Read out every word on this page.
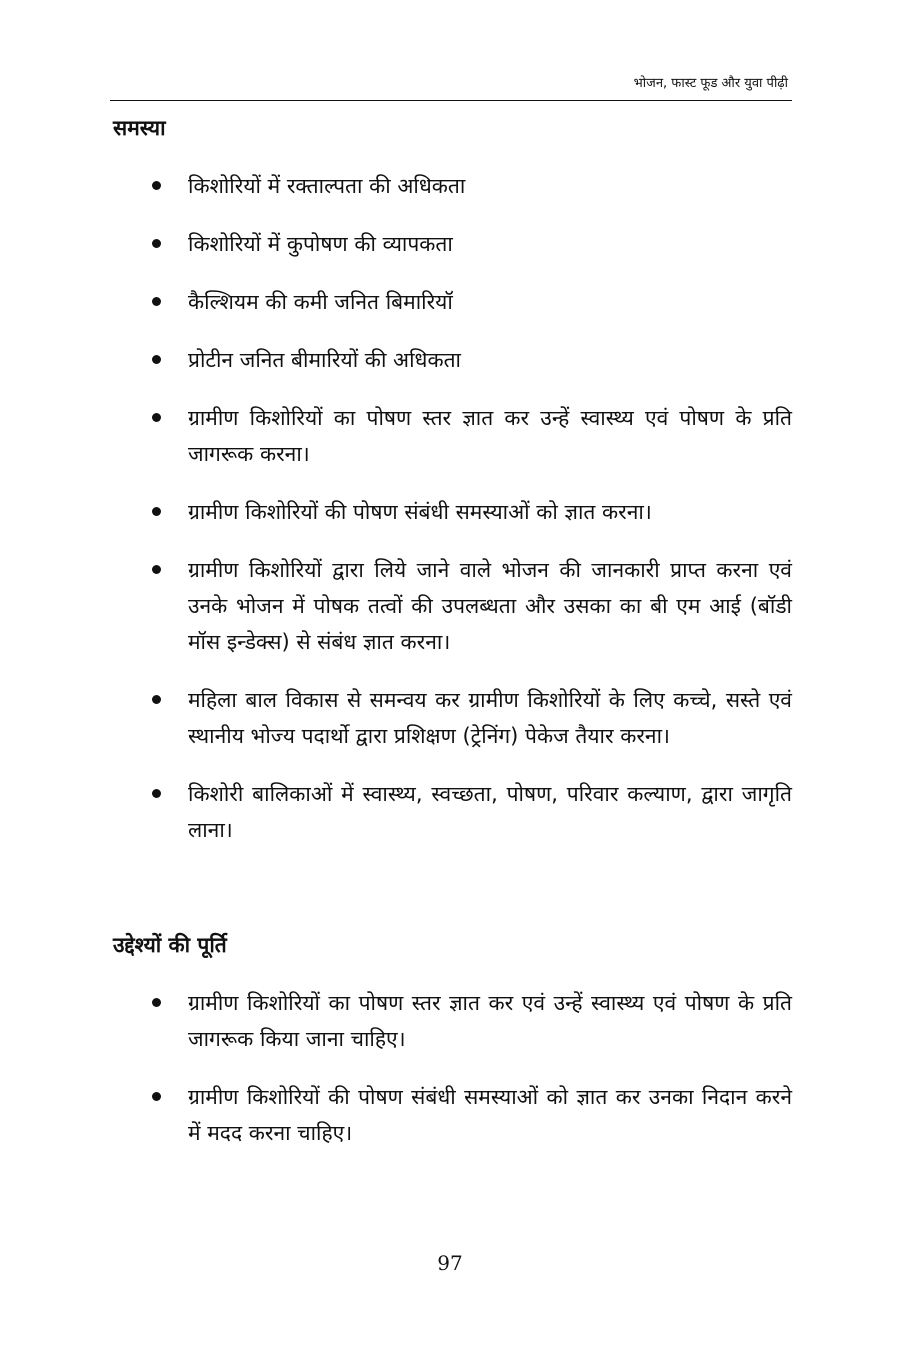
भोजन, फास्ट फूड और युवा पीढ़ी
समस्या
किशोरियों में रक्ताल्पता की अधिकता
किशोरियों में कुपोषण की व्यापकता
कैल्शियम की कमी जनित बिमारियॉ
प्रोटीन जनित बीमारियों की अधिकता
ग्रामीण किशोरियों का पोषण स्तर ज्ञात कर उन्हें स्वास्थ्य एवं पोषण के प्रति जागरूक करना।
ग्रामीण किशोरियों की पोषण संबंधी समस्याओं को ज्ञात करना।
ग्रामीण किशोरियों द्वारा लिये जाने वाले भोजन की जानकारी प्राप्त करना एवं उनके भोजन में पोषक तत्वों की उपलब्धता और उसका का बी एम आई (बॉडी मॉस इन्डेक्स) से संबंध ज्ञात करना।
महिला बाल विकास से समन्वय कर ग्रामीण किशोरियों के लिए कच्चे, सस्ते एवं स्थानीय भोज्य पदार्थो द्वारा प्रशिक्षण (ट्रेनिंग) पेकेज तैयार करना।
किशोरी बालिकाओं में स्वास्थ्य, स्वच्छता, पोषण, परिवार कल्याण, द्वारा जागृति लाना।
उद्देश्यों की पूर्ति
ग्रामीण किशोरियों का पोषण स्तर ज्ञात कर एवं उन्हें स्वास्थ्य एवं पोषण के प्रति जागरूक किया जाना चाहिए।
ग्रामीण किशोरियों की पोषण संबंधी समस्याओं को ज्ञात कर उनका निदान करने में मदद करना चाहिए।
97
